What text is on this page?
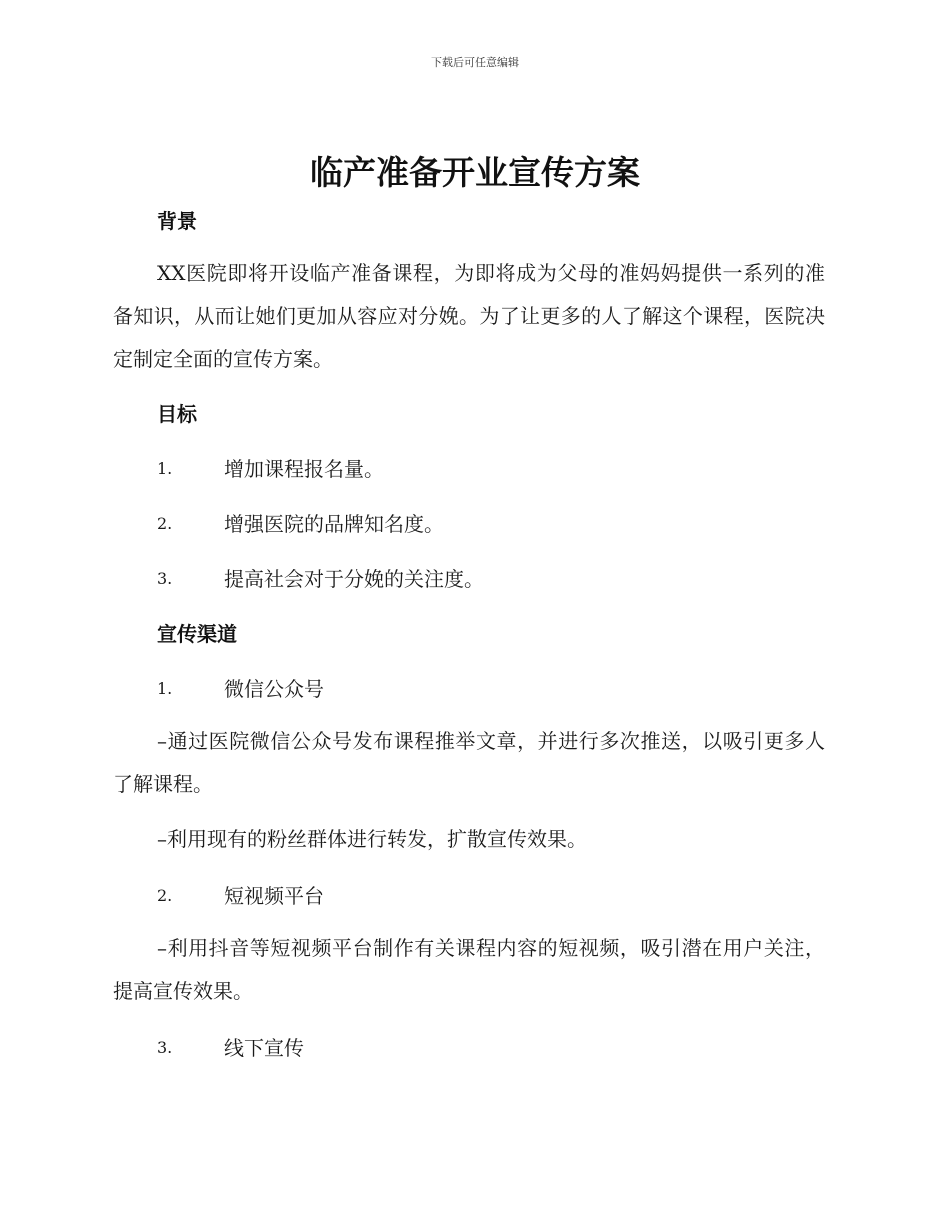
下载后可任意编辑
临产准备开业宣传方案
背景

XX医院即将开设临产准备课程，为即将成为父母的准妈妈提供一系列的准备知识，从而让她们更加从容应对分娩。为了让更多的人了解这个课程，医院决定制定全面的宣传方案。

目标
1.	增加课程报名量。
2.	增强医院的品牌知名度。
3.	提高社会对于分娩的关注度。
宣传渠道
1.	微信公众号

–通过医院微信公众号发布课程推举文章，并进行多次推送，以吸引更多人了解课程。

–利用现有的粉丝群体进行转发，扩散宣传效果。

2.	短视频平台

–利用抖音等短视频平台制作有关课程内容的短视频，吸引潜在用户关注，提高宣传效果。

3.	线下宣传
